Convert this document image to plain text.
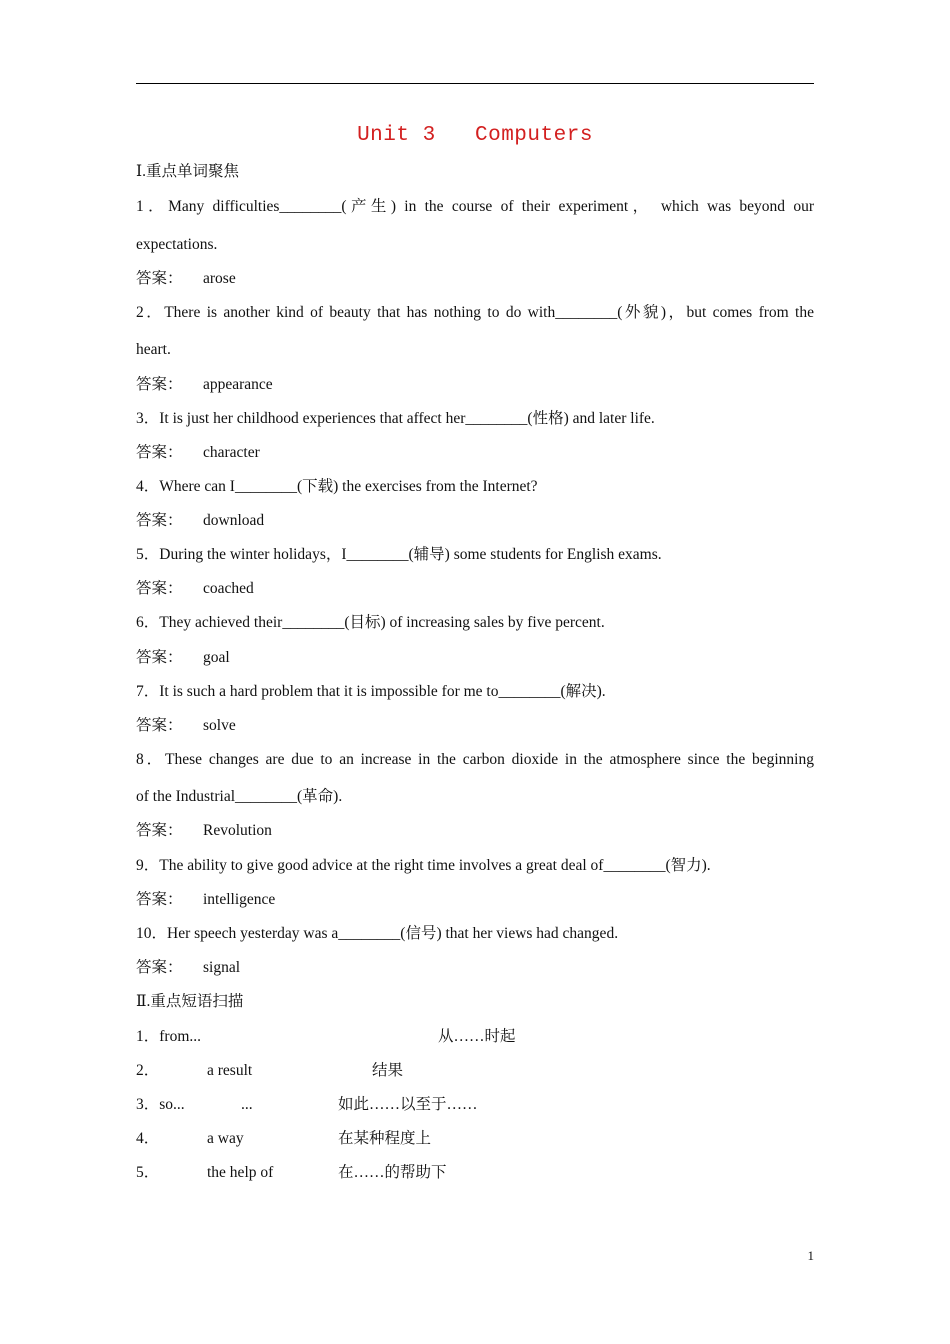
Unit 3   Computers
Ⅰ.重点单词聚焦
1．Many difficulties________(产生) in the course of their experiment， which was beyond our
expectations.
答案： arose
2．There is another kind of beauty that has nothing to do with________(外貌)，but comes from the
heart.
答案： appearance
3．It is just her childhood experiences that affect her________(性格) and later life.
答案： character
4．Where can I________(下载) the exercises from the Internet?
答案： download
5．During the winter holidays，I________(辅导) some students for English exams.
答案： coached
6．They achieved their________(目标) of increasing sales by five percent.
答案： goal
7．It is such a hard problem that it is impossible for me to________(解决).
答案： solve
8．These changes are due to an increase in the carbon dioxide in the atmosphere since the beginning
of the Industrial________(革命).
答案： Revolution
9．The ability to give good advice at the right time involves a great deal of________(智力).
答案： intelligence
10．Her speech yesterday was a________(信号) that her views had changed.
答案： signal
Ⅱ.重点短语扫描
1．from...	从……时起
2．	a result	结果
3．so...	...	如此……以至于……
4．	a way	在某种程度上
5．	the help of	在……的帮助下
1
